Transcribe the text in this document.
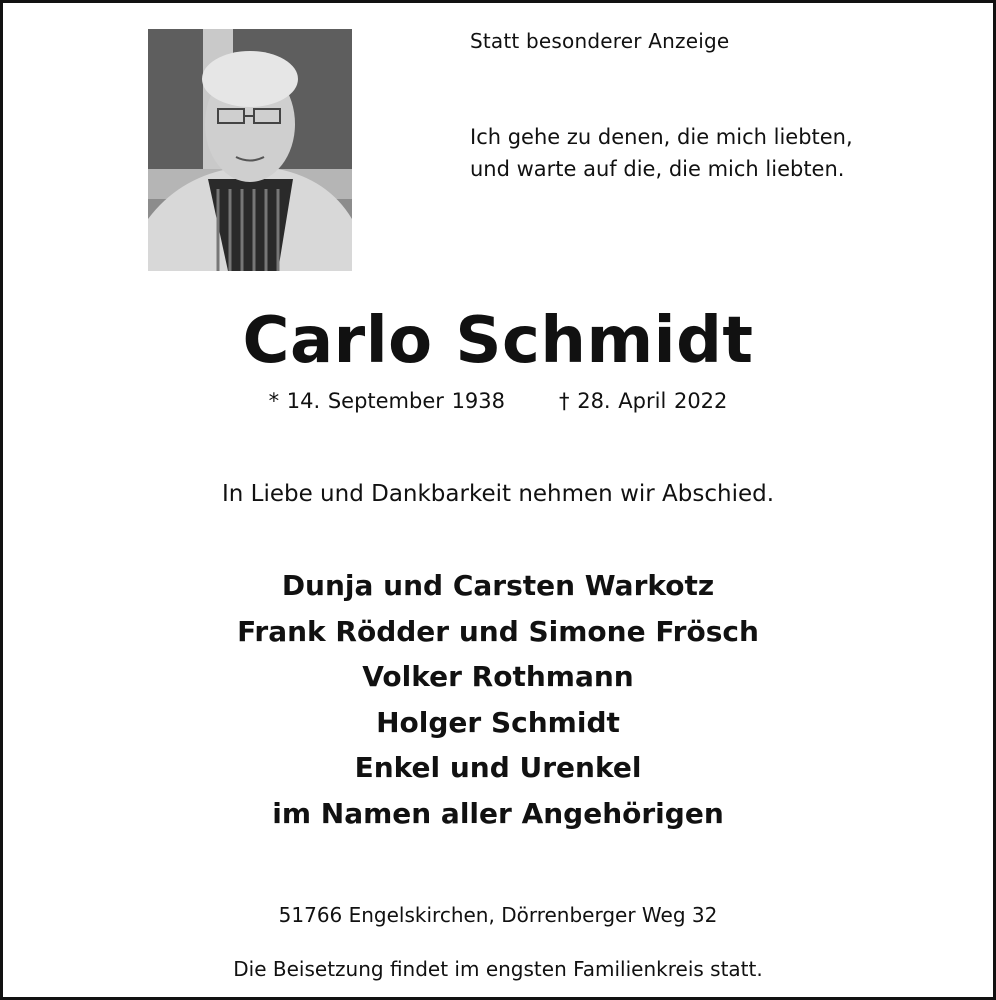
Statt besonderer Anzeige
Ich gehe zu denen, die mich liebten,
und warte auf die, die mich liebten.
Carlo Schmidt
* 14. September 1938	† 28. April 2022
In Liebe und Dankbarkeit nehmen wir Abschied.
Dunja und Carsten Warkotz
Frank Rödder und Simone Frösch
Volker Rothmann
Holger Schmidt
Enkel und Urenkel
im Namen aller Angehörigen
51766 Engelskirchen, Dörrenberger Weg 32
Die Beisetzung findet im engsten Familienkreis statt.
